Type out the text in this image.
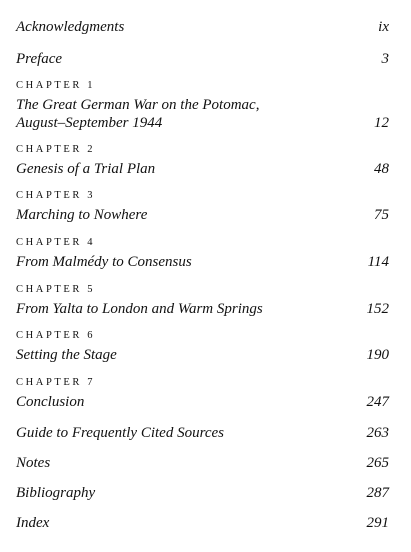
Acknowledgments	ix
Preface	3
CHAPTER 1
The Great German War on the Potomac,
August–September 1944	12
CHAPTER 2
Genesis of a Trial Plan	48
CHAPTER 3
Marching to Nowhere	75
CHAPTER 4
From Malmédy to Consensus	114
CHAPTER 5
From Yalta to London and Warm Springs	152
CHAPTER 6
Setting the Stage	190
CHAPTER 7
Conclusion	247
Guide to Frequently Cited Sources	263
Notes	265
Bibliography	287
Index	291
